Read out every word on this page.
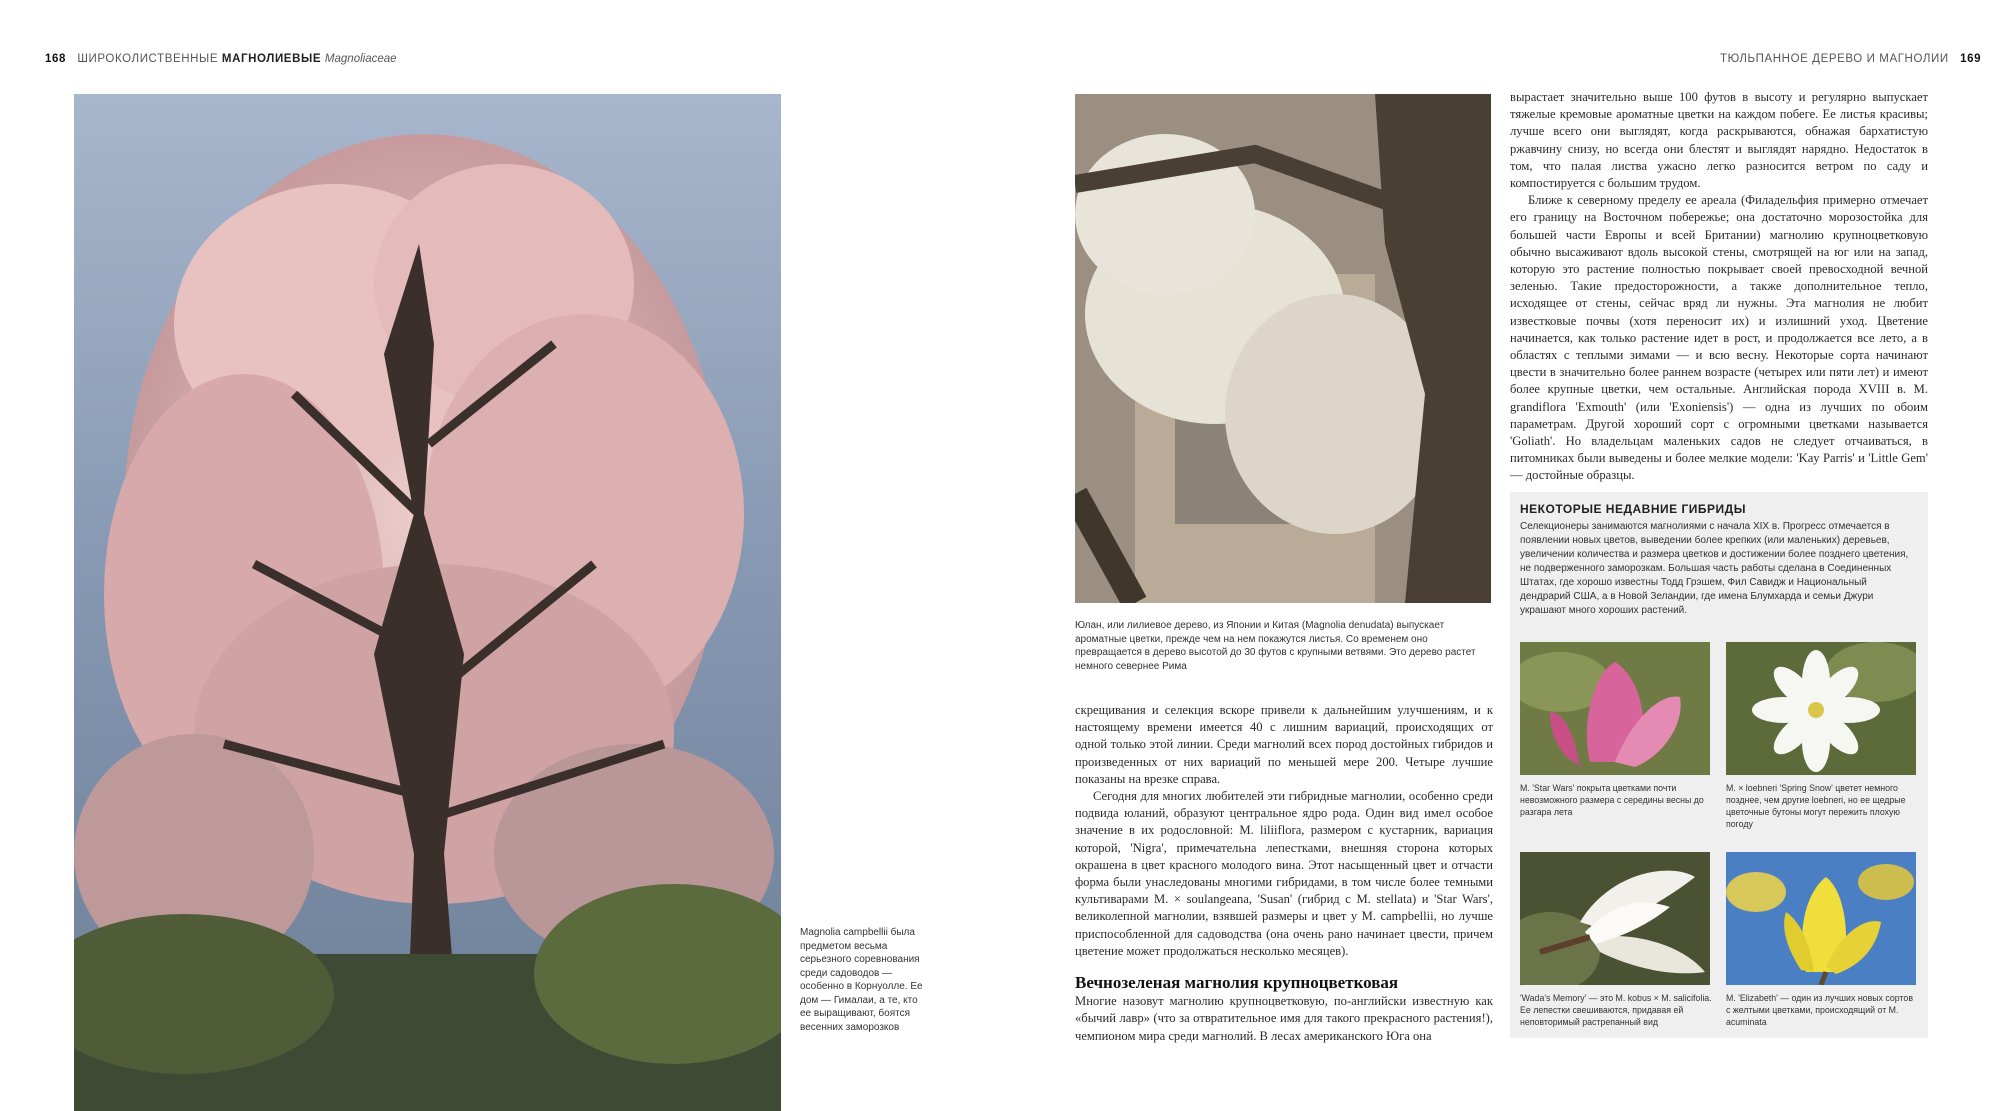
168 ШИРОКОЛИСТВЕННЫЕ МАГНОЛИЕВЫЕ Magnoliaceae
Magnolia campbellii была предметом весьма серьезного соревнования среди садоводов — особенно в Корнуолле. Ее дом — Гималаи, а те, кто ее выращивают, боятся весенних заморозков
ТЮЛЬПАННОЕ ДЕРЕВО И МАГНОЛИИ 169
Юлан, или лилиевое дерево, из Японии и Китая (Magnolia denudata) выпускает ароматные цветки, прежде чем на нем покажутся листья. Со временем оно превращается в дерево высотой до 30 футов с крупными ветвями. Это дерево растет немного севернее Рима

скрещивания и селекция вскоре привели к дальнейшим улучшениям, и к настоящему времени имеется 40 с лишним вариаций, происходящих от одной только этой линии. Среди магнолий всех пород достойных гибридов и произведенных от них вариаций по меньшей мере 200. Четыре лучшие показаны на врезке справа.

Сегодня для многих любителей эти гибридные магнолии, особенно среди подвида юланий, образуют центральное ядро рода. Один вид имел особое значение в их родословной: M. liliiflora, размером с кустарник, вариация которой, 'Nigra', примечательна лепестками, внешняя сторона которых окрашена в цвет красного молодого вина. Этот насыщенный цвет и отчасти форма были унаследованы многими гибридами, в том числе более темными культиварами M. × soulangeana, 'Susan' (гибрид с M. stellata) и 'Star Wars', великолепной магнолии, взявшей размеры и цвет у M. campbellii, но лучше приспособленной для садоводства (она очень рано начинает цвести, причем цветение может продолжаться несколько месяцев).

Вечнозеленая магнолия крупноцветковая

Многие назовут магнолию крупноцветковую, по-английски известную как «бычий лавр» (что за отвратительное имя для такого прекрасного растения!), чемпионом мира среди магнолий. В лесах американского Юга она

вырастает значительно выше 100 футов в высоту и регулярно выпускает тяжелые кремовые ароматные цветки на каждом побеге. Ее листья красивы; лучше всего они выглядят, когда раскрываются, обнажая бархатистую ржавчину снизу, но всегда они блестят и выглядят нарядно. Недостаток в том, что палая листва ужасно легко разносится ветром по саду и компостируется с большим трудом.

Ближе к северному пределу ее ареала (Филадельфия примерно отмечает его границу на Восточном побережье; она достаточно морозостойка для большей части Европы и всей Британии) магнолию крупноцветковую обычно высаживают вдоль высокой стены, смотрящей на юг или на запад, которую это растение полностью покрывает своей превосходной вечной зеленью. Такие предосторожности, а также дополнительное тепло, исходящее от стены, сейчас вряд ли нужны. Эта магнолия не любит известковые почвы (хотя переносит их) и излишний уход. Цветение начинается, как только растение идет в рост, и продолжается все лето, а в областях с теплыми зимами — и всю весну. Некоторые сорта начинают цвести в значительно более раннем возрасте (четырех или пяти лет) и имеют более крупные цветки, чем остальные. Английская порода XVIII в. M. grandiflora 'Exmouth' (или 'Exoniensis') — одна из лучших по обоим параметрам. Другой хороший сорт с огромными цветками называется 'Goliath'. Но владельцам маленьких садов не следует отчаиваться, в питомниках были выведены и более мелкие модели: 'Kay Parris' и 'Little Gem' — достойные образцы.

НЕКОТОРЫЕ НЕДАВНИЕ ГИБРИДЫ
Селекционеры занимаются магнолиями с начала XIX в. Прогресс отмечается в появлении новых цветов, выведении более крепких (или маленьких) деревьев, увеличении количества и размера цветков и достижении более позднего цветения, не подверженного заморозкам. Большая часть работы сделана в Соединенных Штатах, где хорошо известны Тодд Грэшем, Фил Савидж и Национальный дендрарий США, а в Новой Зеландии, где имена Блумхарда и семьи Джури украшают много хороших растений.
M. 'Star Wars' покрыта цветками почти невозможного размера с середины весны до разгара лета
M. × loebneri 'Spring Snow' цветет немного позднее, чем другие loebneri, но ее щедрые цветочные бутоны могут пережить плохую погоду
'Wada's Memory' — это M. kobus × M. salicifolia. Ее лепестки свешиваются, придавая ей неповторимый растрепанный вид
M. 'Elizabeth' — один из лучших новых сортов с желтыми цветками, происходящий от M. acuminata
